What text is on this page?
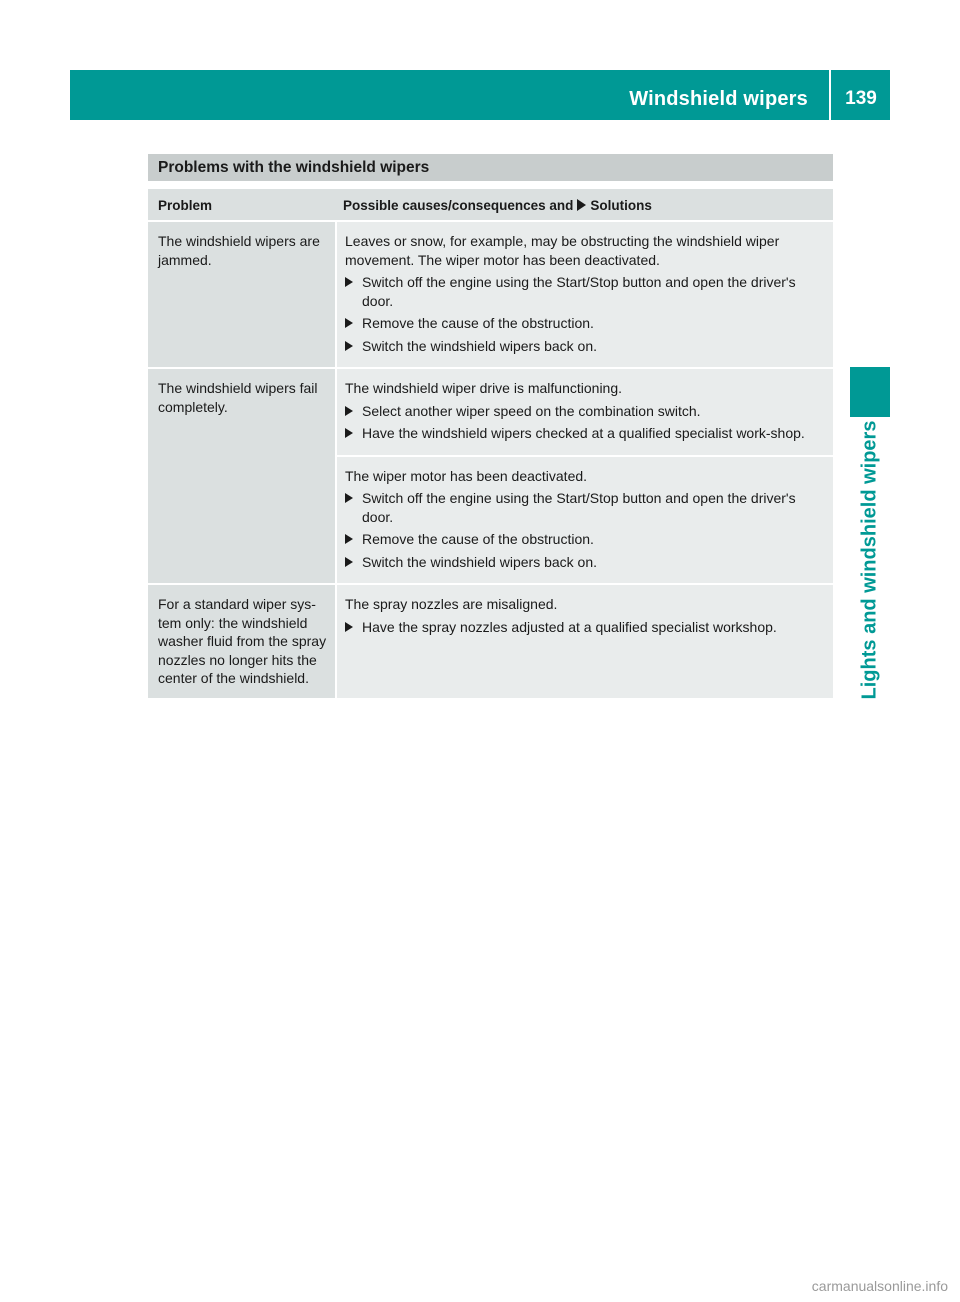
Windshield wipers	139
Lights and windshield wipers
Problems with the windshield wipers
Problem	Possible causes/consequences and Solutions
The windshield wipers are jammed.

Leaves or snow, for example, may be obstructing the windshield wiper movement. The wiper motor has been deactivated.

Switch off the engine using the Start/Stop button and open the driver's door.
Remove the cause of the obstruction.
Switch the windshield wipers back on.
The windshield wipers fail completely.

The windshield wiper drive is malfunctioning.

Select another wiper speed on the combination switch.
Have the windshield wipers checked at a qualified specialist work-shop.

The wiper motor has been deactivated.

Switch off the engine using the Start/Stop button and open the driver's door.
Remove the cause of the obstruction.
Switch the windshield wipers back on.
For a standard wiper sys-tem only: the windshield washer fluid from the spray nozzles no longer hits the center of the windshield.

The spray nozzles are misaligned.

Have the spray nozzles adjusted at a qualified specialist workshop.
carmanualsonline.info
